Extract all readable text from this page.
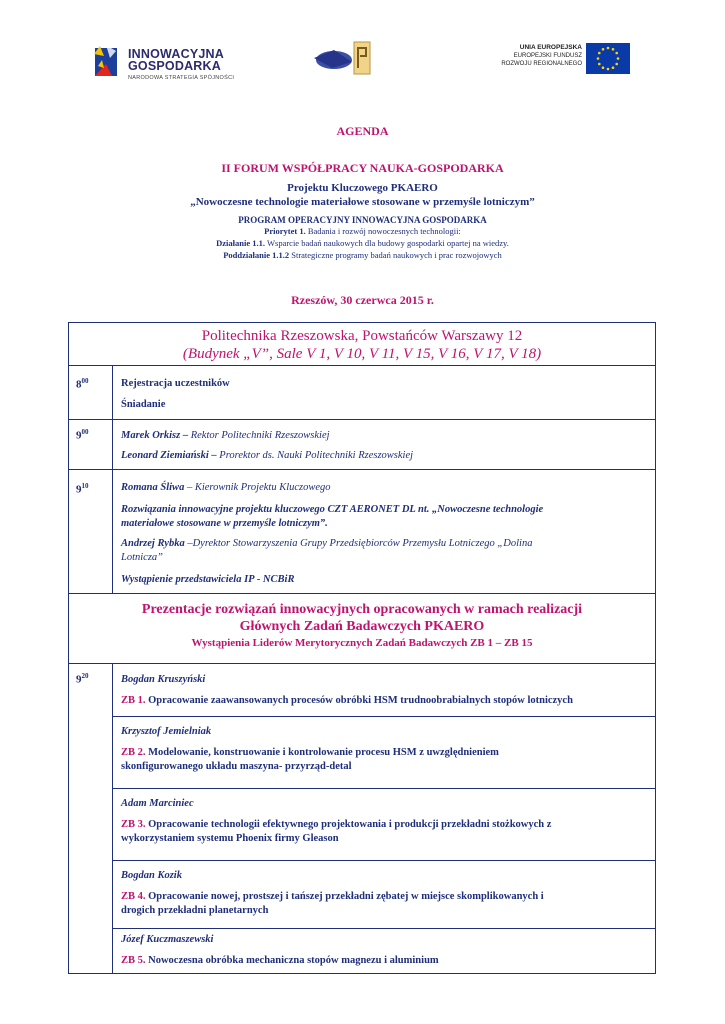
INNOWACYJNA
GOSPODARKA
NARODOWA STRATEGIA SPÓJNOŚCI
UNIA EUROPEJSKA
EUROPEJSKI FUNDUSZ
ROZWOJU REGIONALNEGO
AGENDA
II FORUM WSPÓŁPRACY NAUKA-GOSPODARKA
Projektu Kluczowego PKAERO
„Nowoczesne technologie materiałowe stosowane w przemyśle lotniczym”
PROGRAM OPERACYJNY INNOWACYJNA GOSPODARKA
Priorytet 1. Badania i rozwój nowoczesnych technologii:
Działanie 1.1. Wsparcie badań naukowych dla budowy gospodarki opartej na wiedzy.
Poddziałanie 1.1.2 Strategiczne programy badań naukowych i prac rozwojowych
Rzeszów, 30 czerwca 2015 r.
Politechnika Rzeszowska, Powstańców Warszawy 12
(Budynek „V”, Sale V 1, V 10, V 11, V 15, V 16, V 17, V 18)
$8^{00}$	Rejestracja uczestników
Śniadanie
$9^{00}$	Marek Orkisz – Rektor Politechniki Rzeszowskiej
Leonard Ziemiański – Prorektor ds. Nauki Politechniki Rzeszowskiej
$9^{10}$	Romana Śliwa – Kierownik Projektu Kluczowego
Rozwiązania innowacyjne projektu kluczowego CZT AERONET DL nt. „Nowoczesne technologie
materiałowe stosowane w przemyśle lotniczym”.
Andrzej Rybka –Dyrektor Stowarzyszenia Grupy Przedsiębiorców Przemysłu Lotniczego „Dolina
Lotnicza”
Wystąpienie przedstawiciela IP - NCBiR
Prezentacje rozwiązań innowacyjnych opracowanych w ramach realizacji
Głównych Zadań Badawczych PKAERO
Wystąpienia Liderów Merytorycznych Zadań Badawczych ZB 1 – ZB 15
$9^{20}$	Bogdan Kruszyński
ZB 1. Opracowanie zaawansowanych procesów obróbki HSM trudnoobrabialnych stopów lotniczych
Krzysztof Jemielniak
ZB 2. Modelowanie, konstruowanie i kontrolowanie procesu HSM z uwzględnieniem
skonfigurowanego układu maszyna- przyrząd-detal
Adam Marciniec
ZB 3. Opracowanie technologii efektywnego projektowania i produkcji przekładni stożkowych z
wykorzystaniem systemu Phoenix firmy Gleason
Bogdan Kozik
ZB 4. Opracowanie nowej, prostszej i tańszej przekładni zębatej w miejsce skomplikowanych i
drogich przekładni planetarnych
Józef Kuczmaszewski
ZB 5. Nowoczesna obróbka mechaniczna stopów magnezu i aluminium
